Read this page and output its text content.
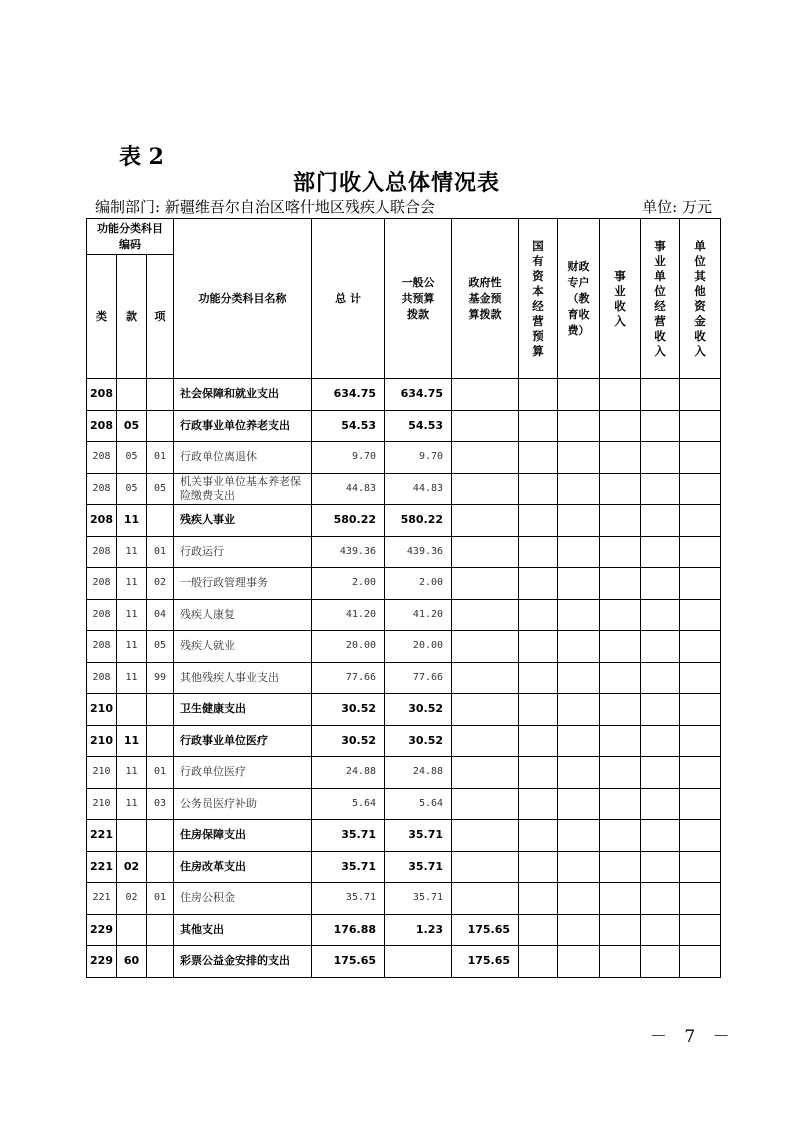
表 2
部门收入总体情况表
编制部门: 新疆维吾尔自治区喀什地区残疾人联合会	单位: 万元
功能分类科目编码			功能分类科目名称	总 计	一般公共预算拨款	政府性基金预算拨款	国有资本经营预算	财政专户（教育收费）	事业收入	事业单位经营收入	单位其他资金收入
类	款	项									
208			社会保障和就业支出	634.75	634.75						
208	05		行政事业单位养老支出	54.53	54.53						
208	05	01	行政单位离退休	9.70	9.70						
208	05	05	机关事业单位基本养老保险缴费支出	44.83	44.83						
208	11		残疾人事业	580.22	580.22						
208	11	01	行政运行	439.36	439.36						
208	11	02	一般行政管理事务	2.00	2.00						
208	11	04	残疾人康复	41.20	41.20						
208	11	05	残疾人就业	20.00	20.00						
208	11	99	其他残疾人事业支出	77.66	77.66						
210			卫生健康支出	30.52	30.52						
210	11		行政事业单位医疗	30.52	30.52						
210	11	01	行政单位医疗	24.88	24.88						
210	11	03	公务员医疗补助	5.64	5.64						
221			住房保障支出	35.71	35.71						
221	02		住房改革支出	35.71	35.71						
221	02	01	住房公积金	35.71	35.71						
229			其他支出	176.88	1.23	175.65					
229	60		彩票公益金安排的支出	175.65		175.65					
－ 7 －
